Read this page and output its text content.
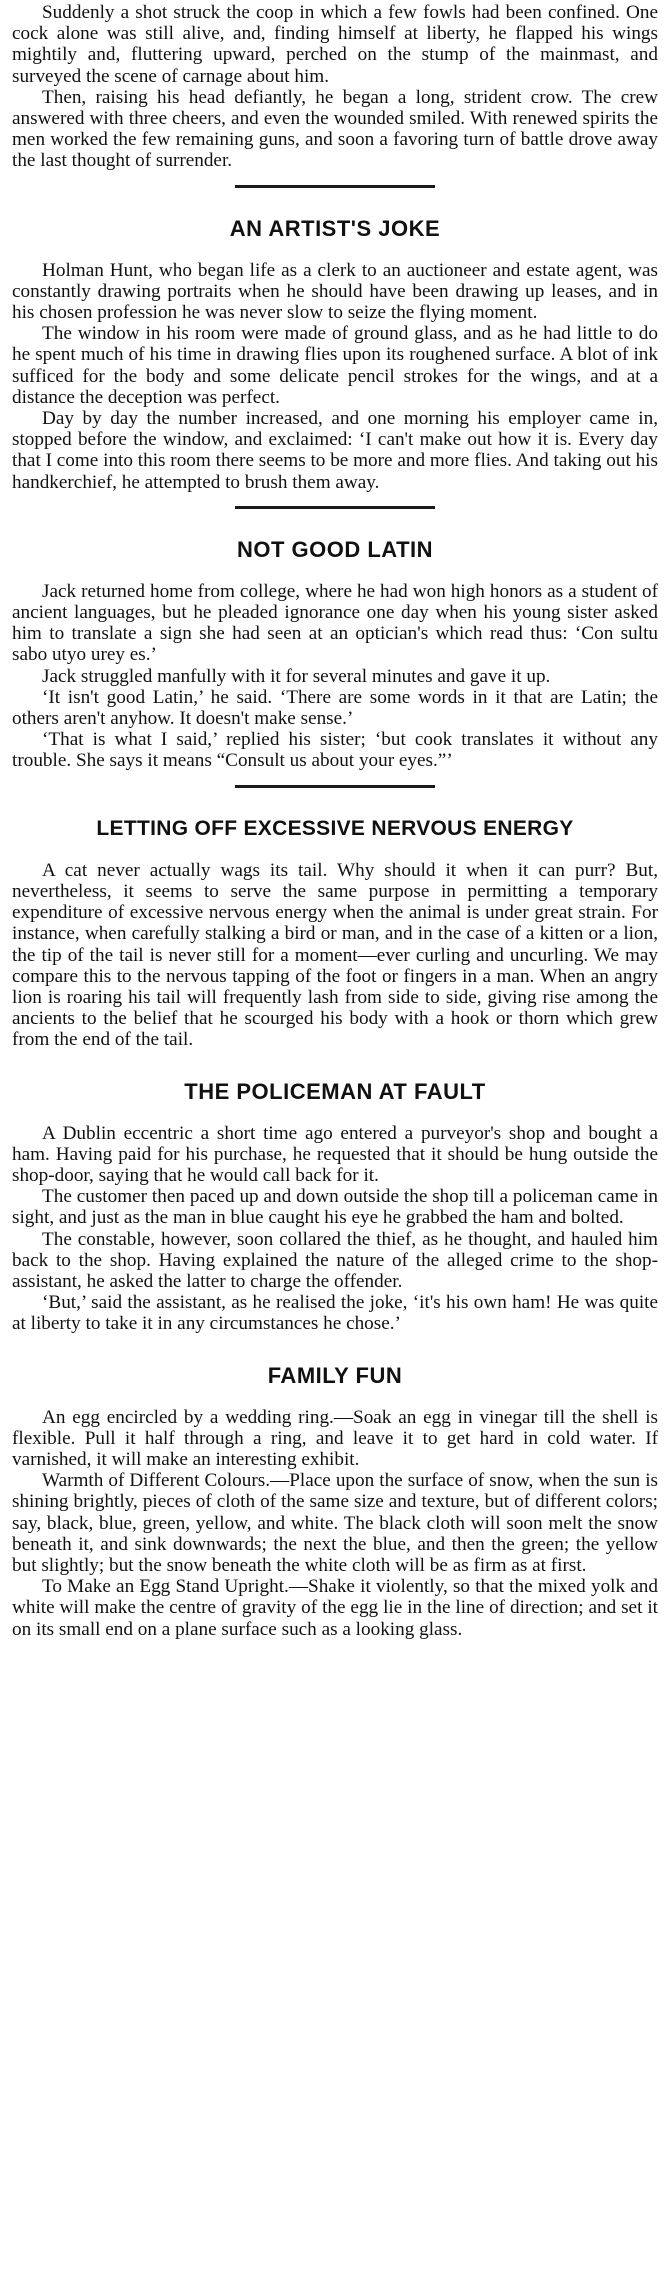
Suddenly a shot struck the coop in which a few fowls had been confined. One cock alone was still alive, and, finding himself at liberty, he flapped his wings mightily and, fluttering upward, perched on the stump of the mainmast, and surveyed the scene of carnage about him.

Then, raising his head defiantly, he began a long, strident crow. The crew answered with three cheers, and even the wounded smiled. With renewed spirits the men worked the few remaining guns, and soon a favoring turn of battle drove away the last thought of surrender.

AN ARTIST'S JOKE

Holman Hunt, who began life as a clerk to an auctioneer and estate agent, was constantly drawing portraits when he should have been drawing up leases, and in his chosen profession he was never slow to seize the flying moment.

The window in his room were made of ground glass, and as he had little to do he spent much of his time in drawing flies upon its roughened surface. A blot of ink sufficed for the body and some delicate pencil strokes for the wings, and at a distance the deception was perfect.

Day by day the number increased, and one morning his employer came in, stopped before the window, and exclaimed: ‘I can't make out how it is. Every day that I come into this room there seems to be more and more flies. And taking out his handkerchief, he attempted to brush them away.

NOT GOOD LATIN

Jack returned home from college, where he had won high honors as a student of ancient languages, but he pleaded ignorance one day when his young sister asked him to translate a sign she had seen at an optician's which read thus: ‘Con sultu sabo utyo urey es.’

Jack struggled manfully with it for several minutes and gave it up.

‘It isn't good Latin,’ he said. ‘There are some words in it that are Latin; the others aren't anyhow. It doesn't make sense.’

‘That is what I said,’ replied his sister; ‘but cook translates it without any trouble. She says it means “Consult us about your eyes.”’

LETTING OFF EXCESSIVE NERVOUS ENERGY

A cat never actually wags its tail. Why should it when it can purr? But, nevertheless, it seems to serve the same purpose in permitting a temporary expenditure of excessive nervous energy when the animal is under great strain. For instance, when carefully stalking a bird or man, and in the case of a kitten or a lion, the tip of the tail is never still for a moment—ever curling and uncurling. We may compare this to the nervous tapping of the foot or fingers in a man. When an angry lion is roaring his tail will frequently lash from side to side, giving rise among the ancients to the belief that he scourged his body with a hook or thorn which grew from the end of the tail.

THE POLICEMAN AT FAULT

A Dublin eccentric a short time ago entered a purveyor's shop and bought a ham. Having paid for his purchase, he requested that it should be hung outside the shop-door, saying that he would call back for it.

The customer then paced up and down outside the shop till a policeman came in sight, and just as the man in blue caught his eye he grabbed the ham and bolted.

The constable, however, soon collared the thief, as he thought, and hauled him back to the shop. Having explained the nature of the alleged crime to the shop-assistant, he asked the latter to charge the offender.

‘But,’ said the assistant, as he realised the joke, ‘it's his own ham! He was quite at liberty to take it in any circumstances he chose.’

FAMILY FUN

An egg encircled by a wedding ring.—Soak an egg in vinegar till the shell is flexible. Pull it half through a ring, and leave it to get hard in cold water. If varnished, it will make an interesting exhibit.

Warmth of Different Colours.—Place upon the surface of snow, when the sun is shining brightly, pieces of cloth of the same size and texture, but of different colors; say, black, blue, green, yellow, and white. The black cloth will soon melt the snow beneath it, and sink downwards; the next the blue, and then the green; the yellow but slightly; but the snow beneath the white cloth will be as firm as at first.

To Make an Egg Stand Upright.—Shake it violently, so that the mixed yolk and white will make the centre of gravity of the egg lie in the line of direction; and set it on its small end on a plane surface such as a looking glass.
